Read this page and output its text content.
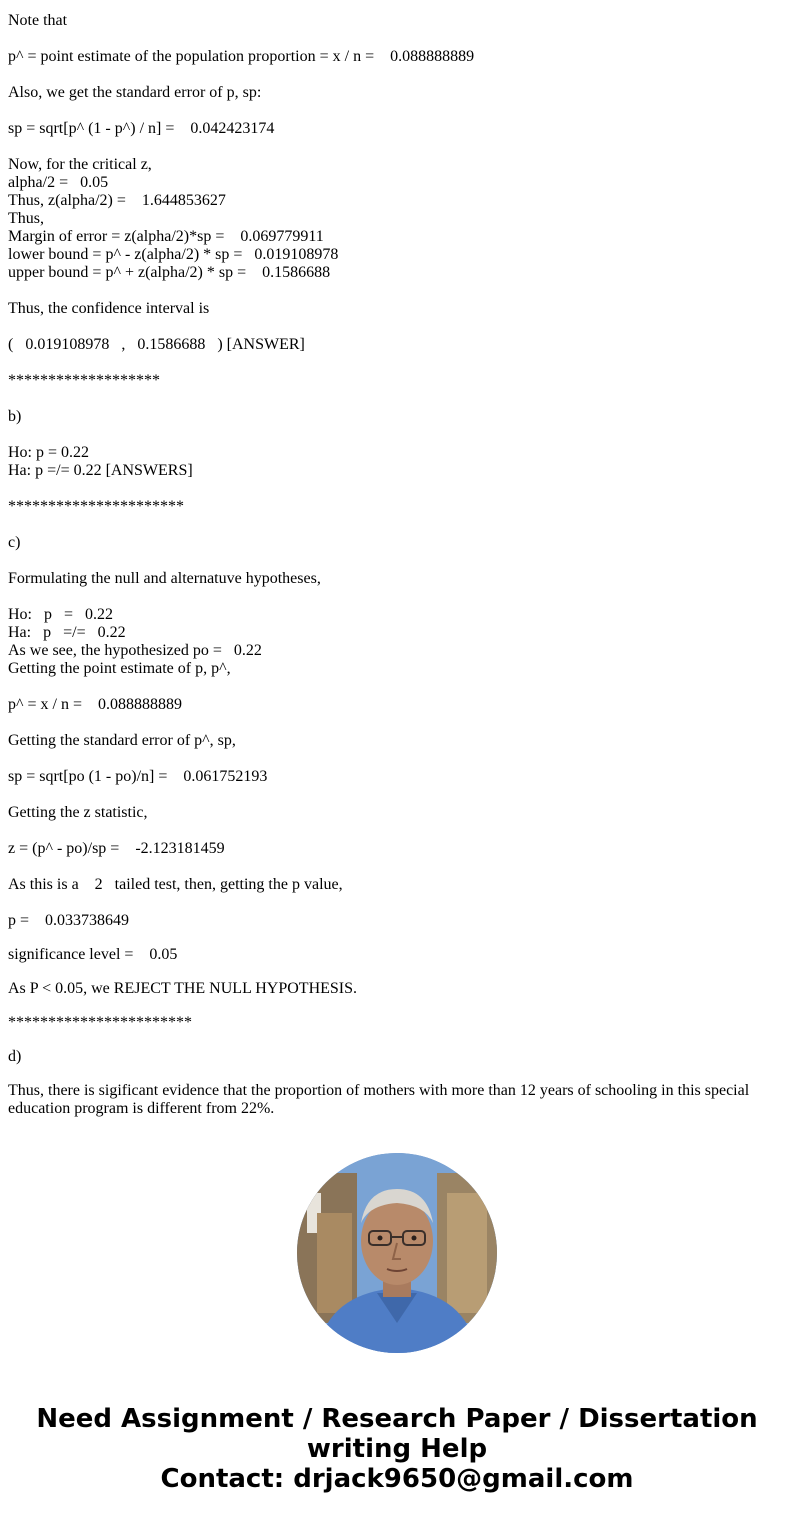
Note that
p^ = point estimate of the population proportion = x / n =    0.088888889
Also, we get the standard error of p, sp:
sp = sqrt[p^ (1 - p^) / n] =    0.042423174
Now, for the critical z,
alpha/2 =   0.05
Thus, z(alpha/2) =    1.644853627
Thus,
Margin of error = z(alpha/2)*sp =    0.069779911
lower bound = p^ - z(alpha/2) * sp =   0.019108978
upper bound = p^ + z(alpha/2) * sp =    0.1586688
Thus, the confidence interval is
(   0.019108978   ,   0.1586688   ) [ANSWER]
*******************
b)
Ho: p = 0.22
Ha: p =/= 0.22 [ANSWERS]
**********************
c)
Formulating the null and alternatuve hypotheses,
Ho:   p   =   0.22
Ha:   p   =/=   0.22
As we see, the hypothesized po =   0.22
Getting the point estimate of p, p^,
p^ = x / n =    0.088888889
Getting the standard error of p^, sp,
sp = sqrt[po (1 - po)/n] =    0.061752193
Getting the z statistic,
z = (p^ - po)/sp =    -2.123181459
As this is a    2   tailed test, then, getting the p value,
p =    0.033738649
significance level =    0.05
As P < 0.05, we REJECT THE NULL HYPOTHESIS.
***********************
d)
Thus, there is sigificant evidence that the proportion of mothers with more than 12 years of schooling in this special education program is different from 22%.
Need Assignment / Research Paper / Dissertation writing Help
Contact: drjack9650@gmail.com
